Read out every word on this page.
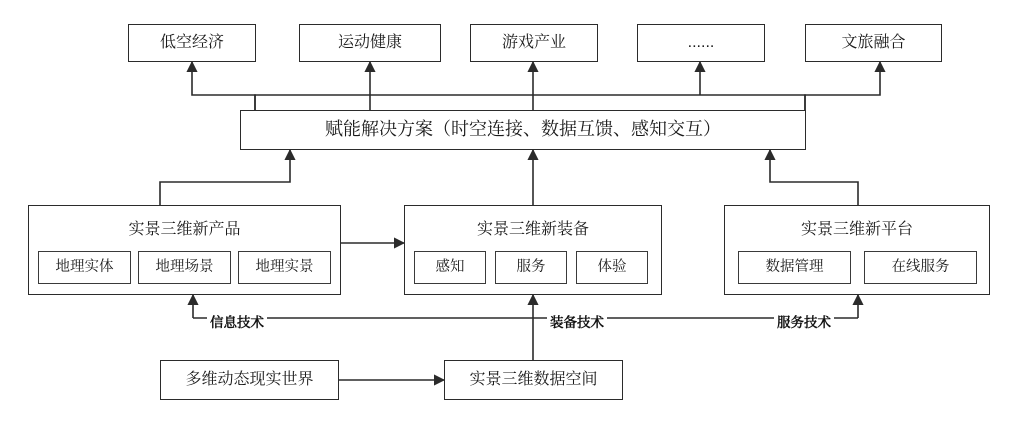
低空经济	运动健康	游戏产业	......	文旅融合
赋能解决方案（时空连接、数据互馈、感知交互）
实景三维新产品
地理实体	地理场景	地理实景
实景三维新装备
感知	服务	体验
实景三维新平台
数据管理	在线服务
信息技术	装备技术	服务技术
多维动态现实世界	实景三维数据空间
